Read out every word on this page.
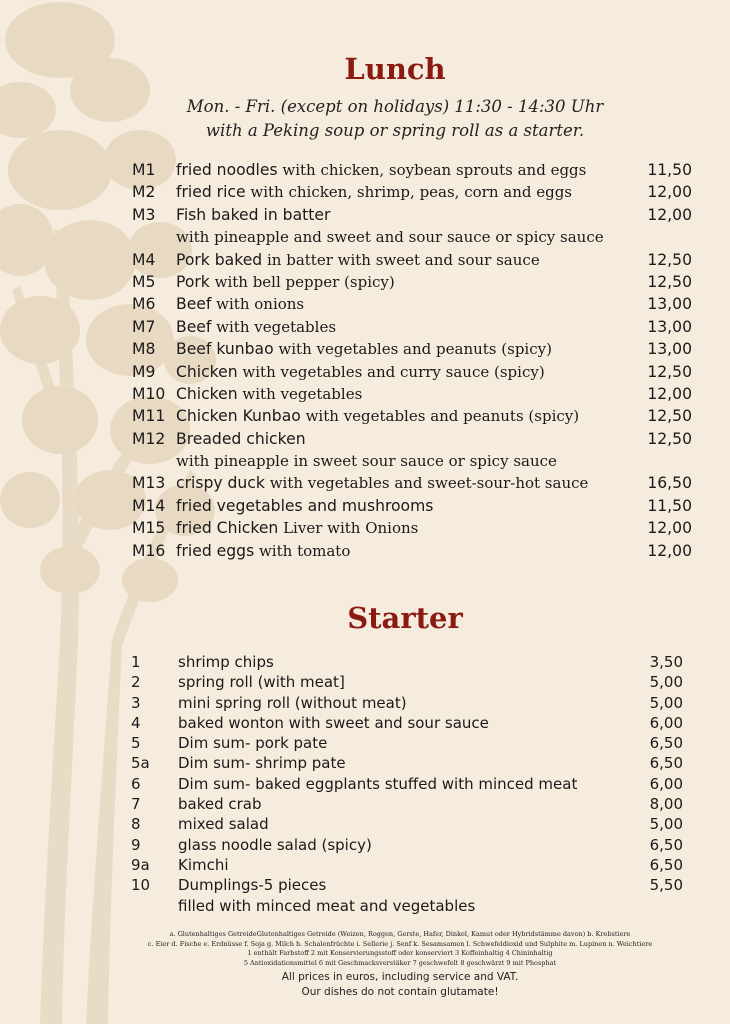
Lunch
Mon. - Fri. (except on holidays) 11:30 - 14:30 Uhr
with a Peking soup or spring roll as a starter.
M1 fried noodles with chicken, soybean sprouts and eggs	11,50
M2 fried rice with chicken, shrimp, peas, corn and eggs	12,00
M3 Fish baked in batter	12,00
with pineapple and sweet and sour sauce or spicy sauce
M4 Pork baked in batter with sweet and sour sauce	12,50
M5 Pork with bell pepper (spicy)	12,50
M6 Beef with onions	13,00
M7 Beef with vegetables	13,00
M8 Beef kunbao with vegetables and peanuts (spicy)	13,00
M9 Chicken with vegetables and curry sauce (spicy)	12,50
M10 Chicken with vegetables	12,00
M11 Chicken Kunbao with vegetables and peanuts (spicy)	12,50
M12 Breaded chicken	12,50
with pineapple in sweet sour sauce or spicy sauce
M13 crispy duck with vegetables and sweet-sour-hot sauce	16,50
M14 fried vegetables and mushrooms	11,50
M15 fried Chicken Liver with Onions	12,00
M16 fried eggs with tomato	12,00
Starter
1 shrimp chips	3,50
2 spring roll (with meat]	5,00
3 mini spring roll (without meat)	5,00
4 baked wonton with sweet and sour sauce	6,00
5 Dim sum- pork pate	6,50
5a Dim sum- shrimp pate	6,50
6 Dim sum- baked eggplants stuffed with minced meat	6,00
7 baked crab	8,00
8 mixed salad	5,00
9 glass noodle salad (spicy)	6,50
9a Kimchi	6,50
10 Dumplings-5 pieces	5,50
filled with minced meat and vegetables
a. Glutenhaltiges GetreideGlutenhaltiges Getreide (Weizen, Roggen, Gerste, Hafer, Dinkel, Kamut oder Hybridstämme davon) b. Krebstiere
c. Eier d. Fische e. Erdnüsse f. Soja g. Milch h. Schalenfrüchte i. Sellerie j. Senf k. Sesamsamen l. Schwefeldioxid und Sulphite m. Lupinen n. Weichtiere
1 enthält Farbstoff 2 mit Konservierungsstoff oder konserviert 3 Koffeinhaltig 4 Chininhaltig
5 Antioxidationsmittel 6 mit Geschmacksverstäker 7 geschwefelt 8 geschwärzt 9 mit Phosphat
All prices in euros, including service and VAT.
Our dishes do not contain glutamate!
